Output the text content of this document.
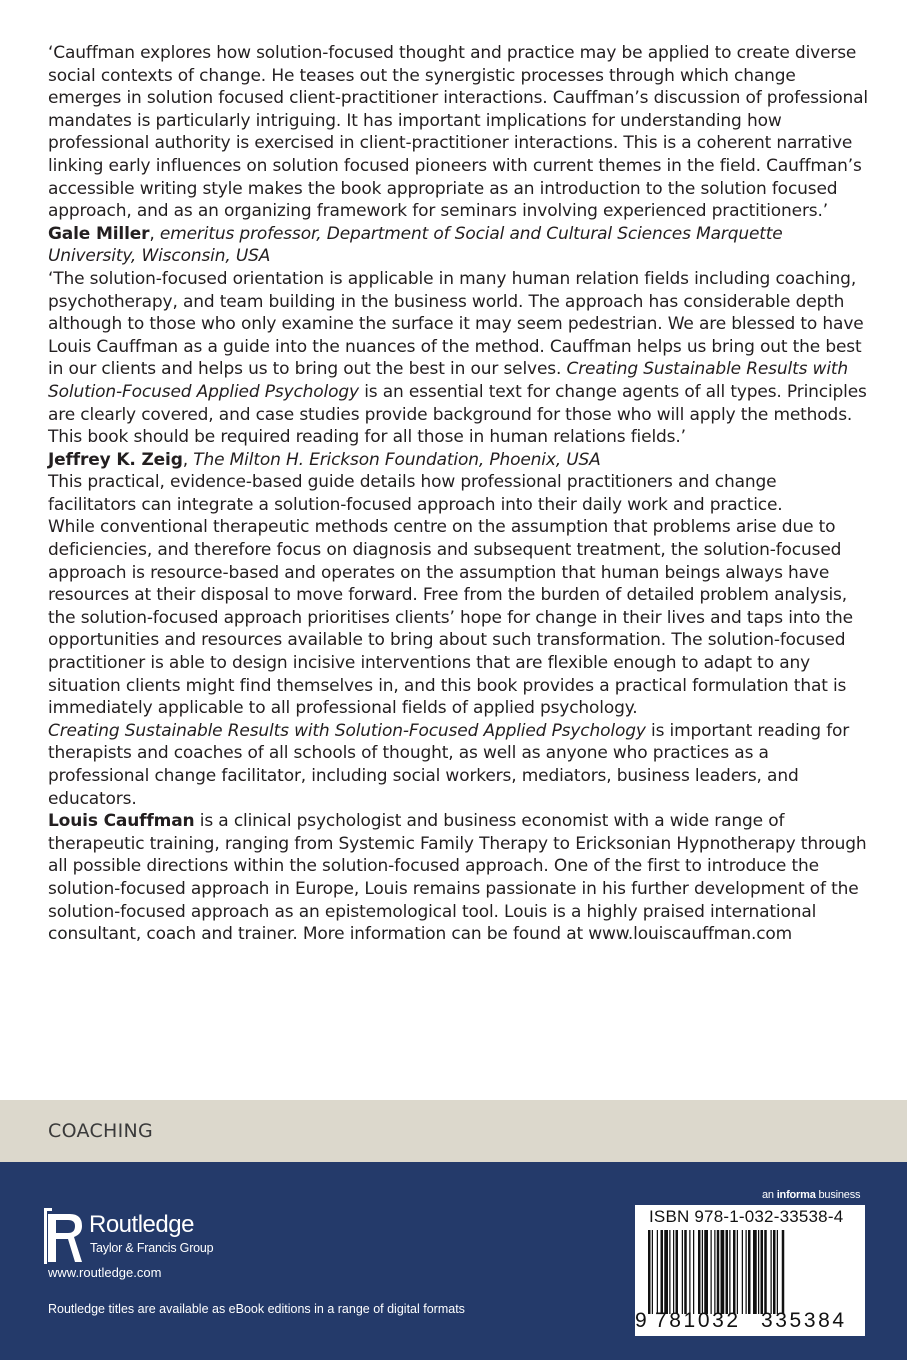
‘Cauffman explores how solution-focused thought and practice may be applied to create diverse social contexts of change. He teases out the synergistic processes through which change emerges in solution focused client-practitioner interactions. Cauffman’s discussion of professional mandates is particularly intriguing. It has important implications for understanding how professional authority is exercised in client-practitioner interactions. This is a coherent narrative linking early influences on solution focused pioneers with current themes in the field. Cauffman’s accessible writing style makes the book appropriate as an introduction to the solution focused approach, and as an organizing framework for seminars involving experienced practitioners.’
Gale Miller, emeritus professor, Department of Social and Cultural Sciences Marquette University, Wisconsin, USA

‘The solution-focused orientation is applicable in many human relation fields including coaching, psychotherapy, and team building in the business world. The approach has considerable depth although to those who only examine the surface it may seem pedestrian. We are blessed to have Louis Cauffman as a guide into the nuances of the method. Cauffman helps us bring out the best in our clients and helps us to bring out the best in our selves. Creating Sustainable Results with Solution-Focused Applied Psychology is an essential text for change agents of all types. Principles are clearly covered, and case studies provide background for those who will apply the methods. This book should be required reading for all those in human relations fields.’
Jeffrey K. Zeig, The Milton H. Erickson Foundation, Phoenix, USA

This practical, evidence-based guide details how professional practitioners and change facilitators can integrate a solution-focused approach into their daily work and practice.

While conventional therapeutic methods centre on the assumption that problems arise due to deficiencies, and therefore focus on diagnosis and subsequent treatment, the solution-focused approach is resource-based and operates on the assumption that human beings always have resources at their disposal to move forward. Free from the burden of detailed problem analysis, the solution-focused approach prioritises clients’ hope for change in their lives and taps into the opportunities and resources available to bring about such transformation. The solution-focused practitioner is able to design incisive interventions that are flexible enough to adapt to any situation clients might find themselves in, and this book provides a practical formulation that is immediately applicable to all professional fields of applied psychology.

Creating Sustainable Results with Solution-Focused Applied Psychology is important reading for therapists and coaches of all schools of thought, as well as anyone who practices as a professional change facilitator, including social workers, mediators, business leaders, and educators.

Louis Cauffman is a clinical psychologist and business economist with a wide range of therapeutic training, ranging from Systemic Family Therapy to Ericksonian Hypnotherapy through all possible directions within the solution-focused approach. One of the first to introduce the solution-focused approach in Europe, Louis remains passionate in his further development of the solution-focused approach as an epistemological tool. Louis is a highly praised international consultant, coach and trainer. More information can be found at www.louiscauffman.com

COACHING
Routledge
Taylor & Francis Group
www.routledge.com
Routledge titles are available as eBook editions in a range of digital formats
an informa business
ISBN 978-1-032-33538-4
9 781032 335384
